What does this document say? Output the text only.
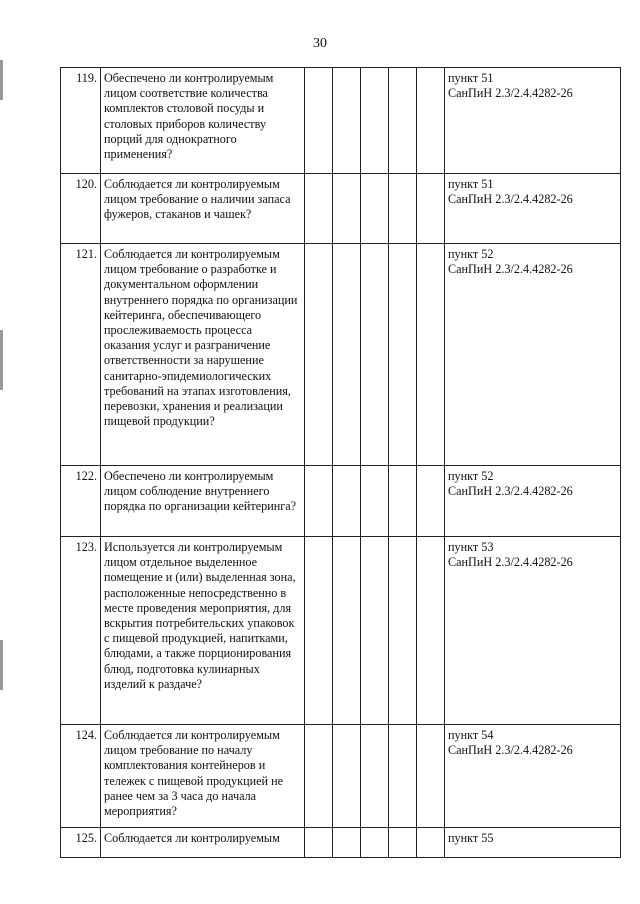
30
119.	Обеспечено ли контролируемым лицом соответствие количества комплектов столовой посуды и столовых приборов количеству порций для однократного применения?						пункт 51
СанПиН 2.3/2.4.4282-26

120.	Соблюдается ли контролируемым лицом требование о наличии запаса фужеров, стаканов и чашек?						пункт 51
СанПиН 2.3/2.4.4282-26

121.	Соблюдается ли контролируемым лицом требование о разработке и документальном оформлении внутреннего порядка по организации кейтеринга, обеспечивающего прослеживаемость процесса оказания услуг и разграничение ответственности за нарушение санитарно-эпидемиологических требований на этапах изготовления, перевозки, хранения и реализации пищевой продукции?						пункт 52
СанПиН 2.3/2.4.4282-26

122.	Обеспечено ли контролируемым лицом соблюдение внутреннего порядка по организации кейтеринга?						пункт 52
СанПиН 2.3/2.4.4282-26

123.	Используется ли контролируемым лицом отдельное выделенное помещение и (или) выделенная зона, расположенные непосредственно в месте проведения мероприятия, для вскрытия потребительских упаковок с пищевой продукцией, напитками, блюдами, а также порционирования блюд, подготовка кулинарных изделий к раздаче?						пункт 53
СанПиН 2.3/2.4.4282-26

124.	Соблюдается ли контролируемым лицом требование по началу комплектования контейнеров и тележек с пищевой продукцией не ранее чем за 3 часа до начала мероприятия?						пункт 54
СанПиН 2.3/2.4.4282-26

125.	Соблюдается ли контролируемым						пункт 55
